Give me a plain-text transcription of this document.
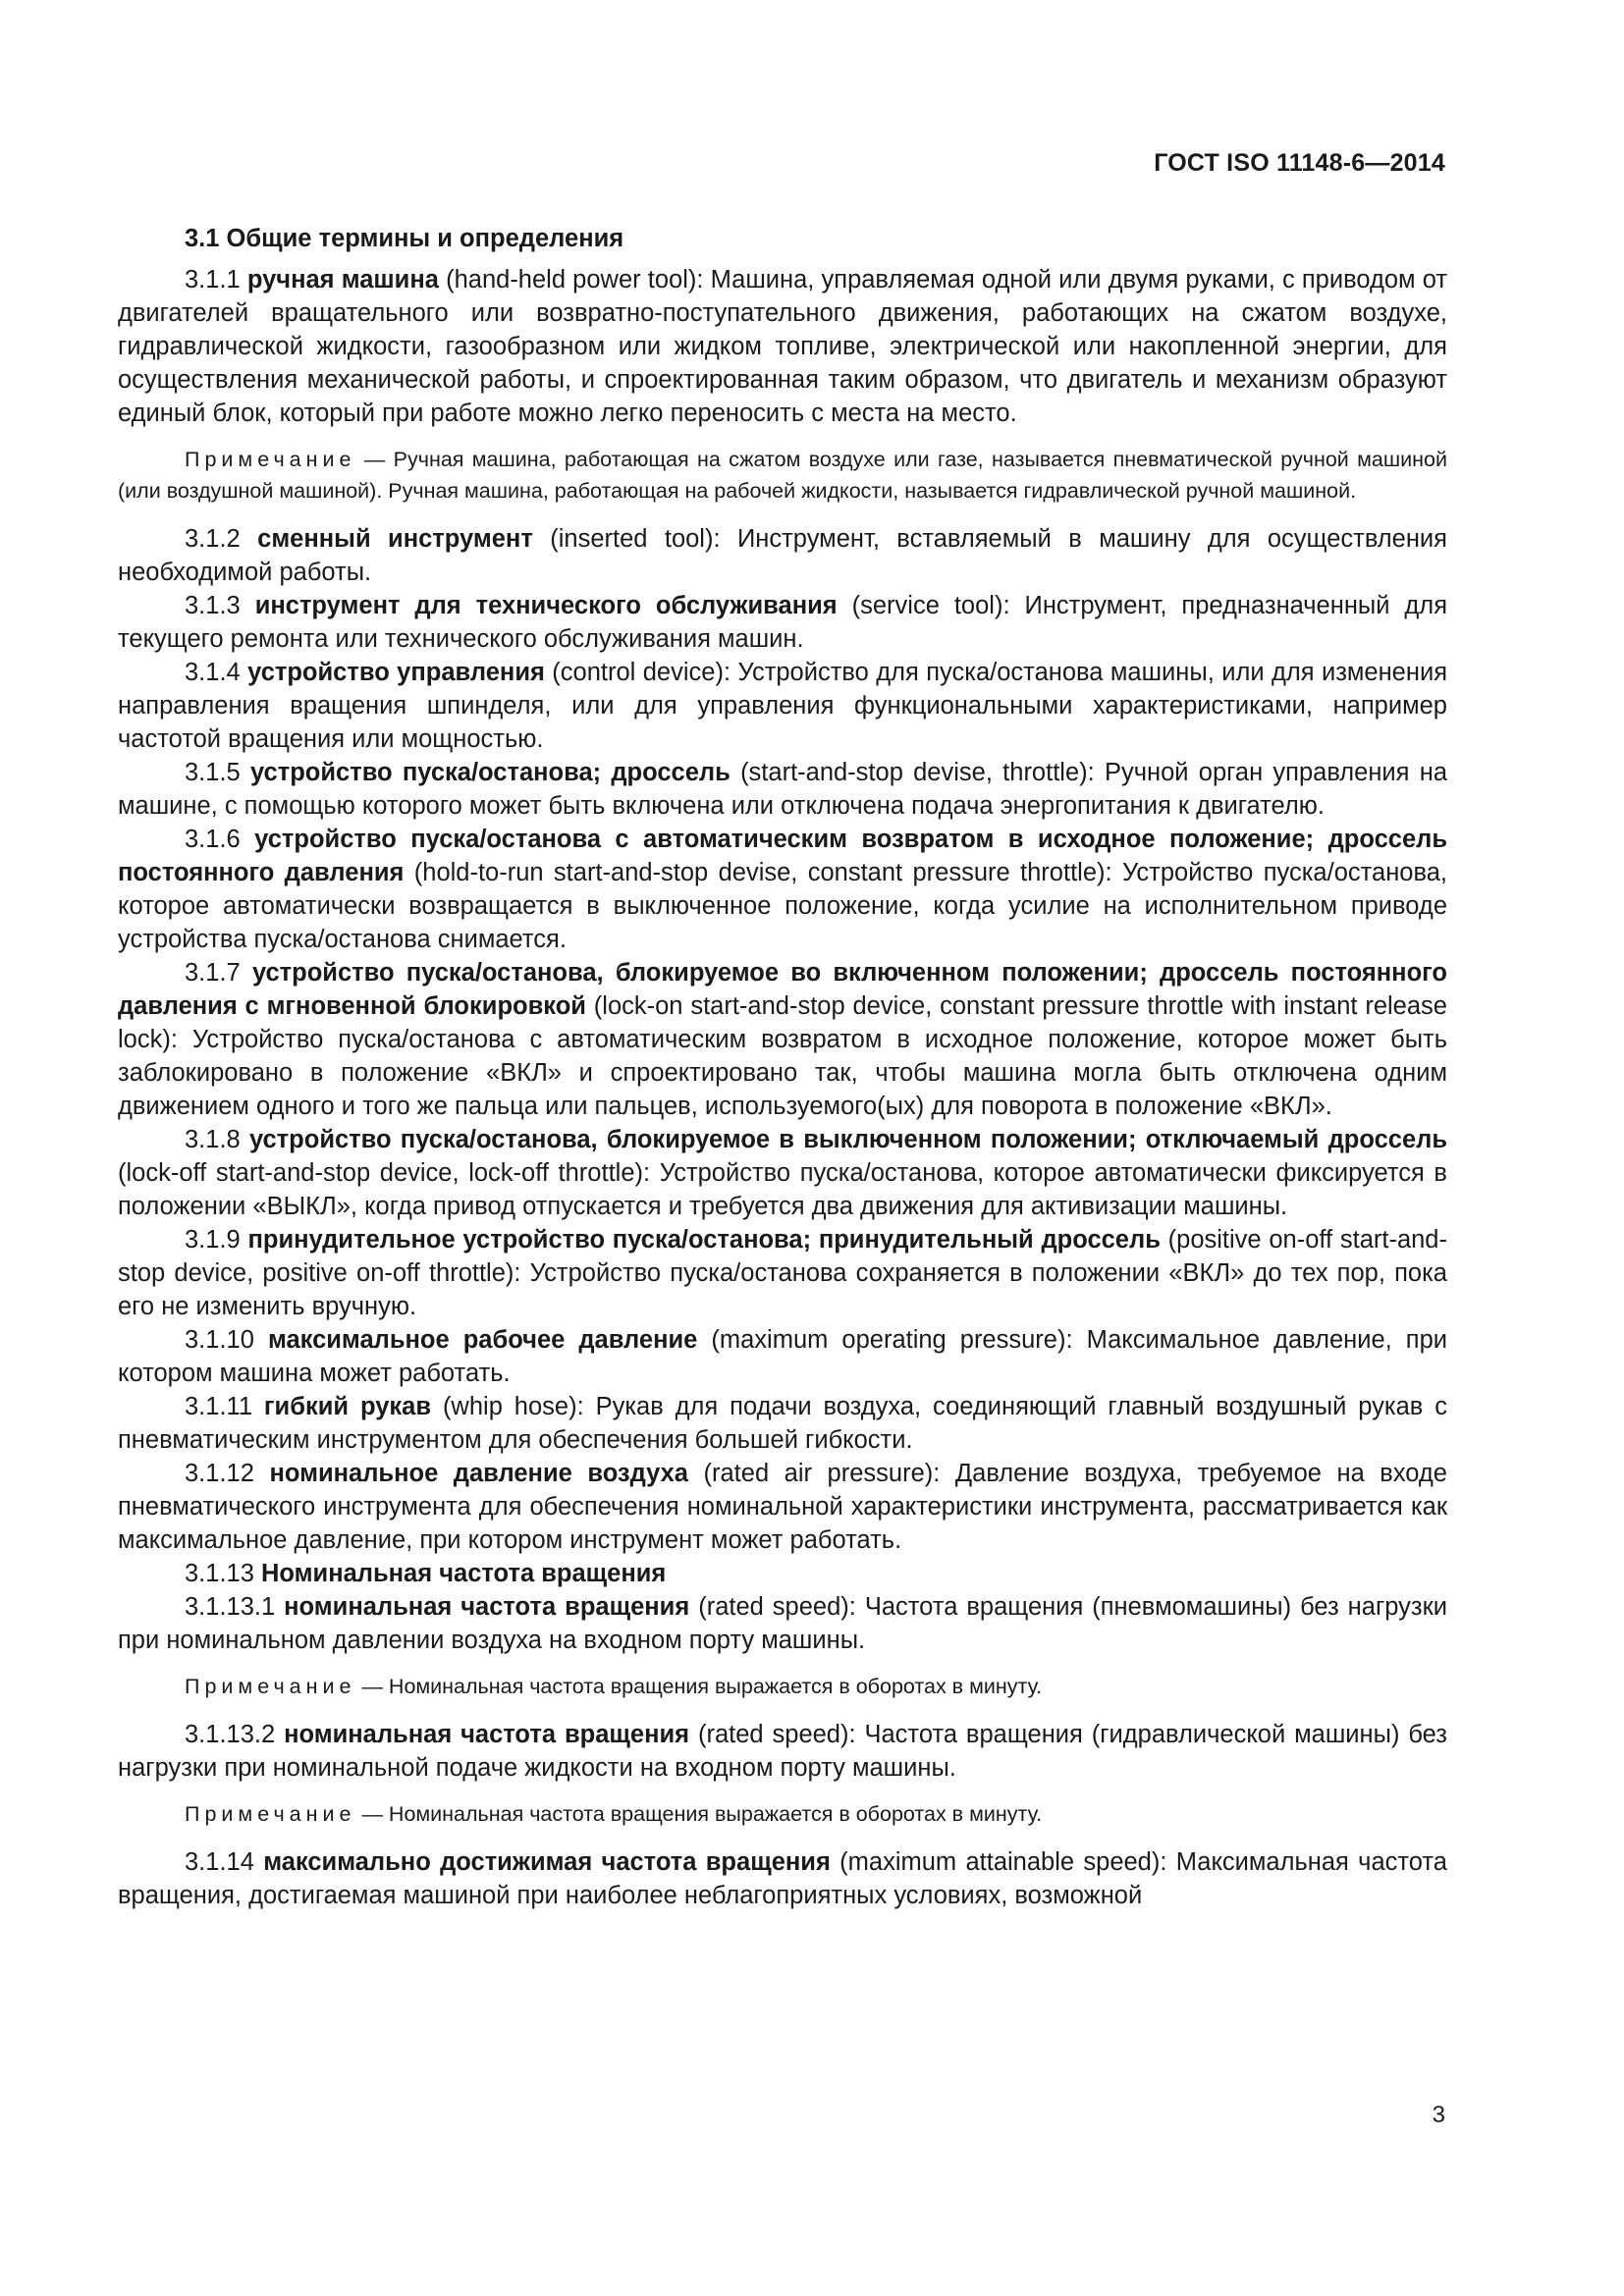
ГОСТ ISO 11148-6—2014

3.1 Общие термины и определения

3.1.1 ручная машина (hand-held power tool): Машина, управляемая одной или двумя руками, с приводом от двигателей вращательного или возвратно-поступательного движения, работающих на сжатом воздухе, гидравлической жидкости, газообразном или жидком топливе, электрической или накопленной энергии, для осуществления механической работы, и спроектированная таким образом, что двигатель и механизм образуют единый блок, который при работе можно легко переносить с места на место.

Примечание — Ручная машина, работающая на сжатом воздухе или газе, называется пневматической ручной машиной (или воздушной машиной). Ручная машина, работающая на рабочей жидкости, называется гидравлической ручной машиной.

3.1.2 сменный инструмент (inserted tool): Инструмент, вставляемый в машину для осуществления необходимой работы.

3.1.3 инструмент для технического обслуживания (service tool): Инструмент, предназначенный для текущего ремонта или технического обслуживания машин.

3.1.4 устройство управления (control device): Устройство для пуска/останова машины, или для изменения направления вращения шпинделя, или для управления функциональными характеристиками, например частотой вращения или мощностью.

3.1.5 устройство пуска/останова; дроссель (start-and-stop devise, throttle): Ручной орган управления на машине, с помощью которого может быть включена или отключена подача энергопитания к двигателю.

3.1.6 устройство пуска/останова с автоматическим возвратом в исходное положение; дроссель постоянного давления (hold-to-run start-and-stop devise, constant pressure throttle): Устройство пуска/останова, которое автоматически возвращается в выключенное положение, когда усилие на исполнительном приводе устройства пуска/останова снимается.

3.1.7 устройство пуска/останова, блокируемое во включенном положении; дроссель постоянного давления с мгновенной блокировкой (lock-on start-and-stop device, constant pressure throttle with instant release lock): Устройство пуска/останова с автоматическим возвратом в исходное положение, которое может быть заблокировано в положение «ВКЛ» и спроектировано так, чтобы машина могла быть отключена одним движением одного и того же пальца или пальцев, используемого(ых) для поворота в положение «ВКЛ».

3.1.8 устройство пуска/останова, блокируемое в выключенном положении; отключаемый дроссель (lock-off start-and-stop device, lock-off throttle): Устройство пуска/останова, которое автоматически фиксируется в положении «ВЫКЛ», когда привод отпускается и требуется два движения для активизации машины.

3.1.9 принудительное устройство пуска/останова; принудительный дроссель (positive on-off start-and-stop device, positive on-off throttle): Устройство пуска/останова сохраняется в положении «ВКЛ» до тех пор, пока его не изменить вручную.

3.1.10 максимальное рабочее давление (maximum operating pressure): Максимальное давление, при котором машина может работать.

3.1.11 гибкий рукав (whip hose): Рукав для подачи воздуха, соединяющий главный воздушный рукав с пневматическим инструментом для обеспечения большей гибкости.

3.1.12 номинальное давление воздуха (rated air pressure): Давление воздуха, требуемое на входе пневматического инструмента для обеспечения номинальной характеристики инструмента, рассматривается как максимальное давление, при котором инструмент может работать.

3.1.13 Номинальная частота вращения

3.1.13.1 номинальная частота вращения (rated speed): Частота вращения (пневмомашины) без нагрузки при номинальном давлении воздуха на входном порту машины.

Примечание — Номинальная частота вращения выражается в оборотах в минуту.

3.1.13.2 номинальная частота вращения (rated speed): Частота вращения (гидравлической машины) без нагрузки при номинальной подаче жидкости на входном порту машины.

Примечание — Номинальная частота вращения выражается в оборотах в минуту.

3.1.14 максимально достижимая частота вращения (maximum attainable speed): Максимальная частота вращения, достигаемая машиной при наиболее неблагоприятных условиях, возможной

3
